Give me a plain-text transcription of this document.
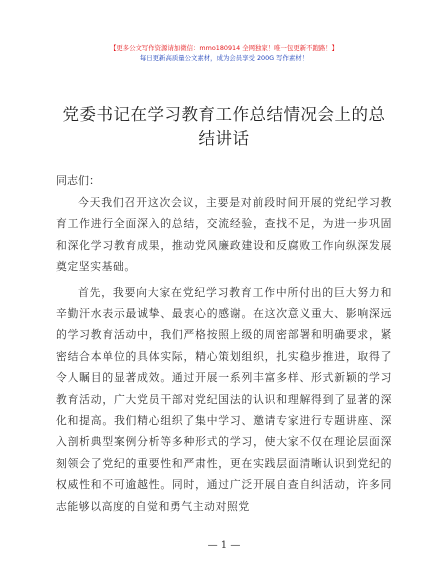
【更多公文写作资源请加微信：mmo180914 全网独家！唯一包更新不跑路！】
每日更新高质量公文素材，成为会员享受 200G 写作素材！
党委书记在学习教育工作总结情况会上的总结讲话
同志们：

今天我们召开这次会议，主要是对前段时间开展的党纪学习教育工作进行全面深入的总结，交流经验，查找不足，为进一步巩固和深化学习教育成果，推动党风廉政建设和反腐败工作向纵深发展奠定坚实基础。

首先，我要向大家在党纪学习教育工作中所付出的巨大努力和辛勤汗水表示最诚挚、最衷心的感谢。在这次意义重大、影响深远的学习教育活动中，我们严格按照上级的周密部署和明确要求，紧密结合本单位的具体实际，精心策划组织，扎实稳步推进，取得了令人瞩目的显著成效。通过开展一系列丰富多样、形式新颖的学习教育活动，广大党员干部对党纪国法的认识和理解得到了显著的深化和提高。我们精心组织了集中学习、邀请专家进行专题讲座、深入剖析典型案例分析等多种形式的学习，使大家不仅在理论层面深刻领会了党纪的重要性和严肃性，更在实践层面清晰认识到党纪的权威性和不可逾越性。同时，通过广泛开展自查自纠活动，许多同志能够以高度的自觉和勇气主动对照党

— 1 —
